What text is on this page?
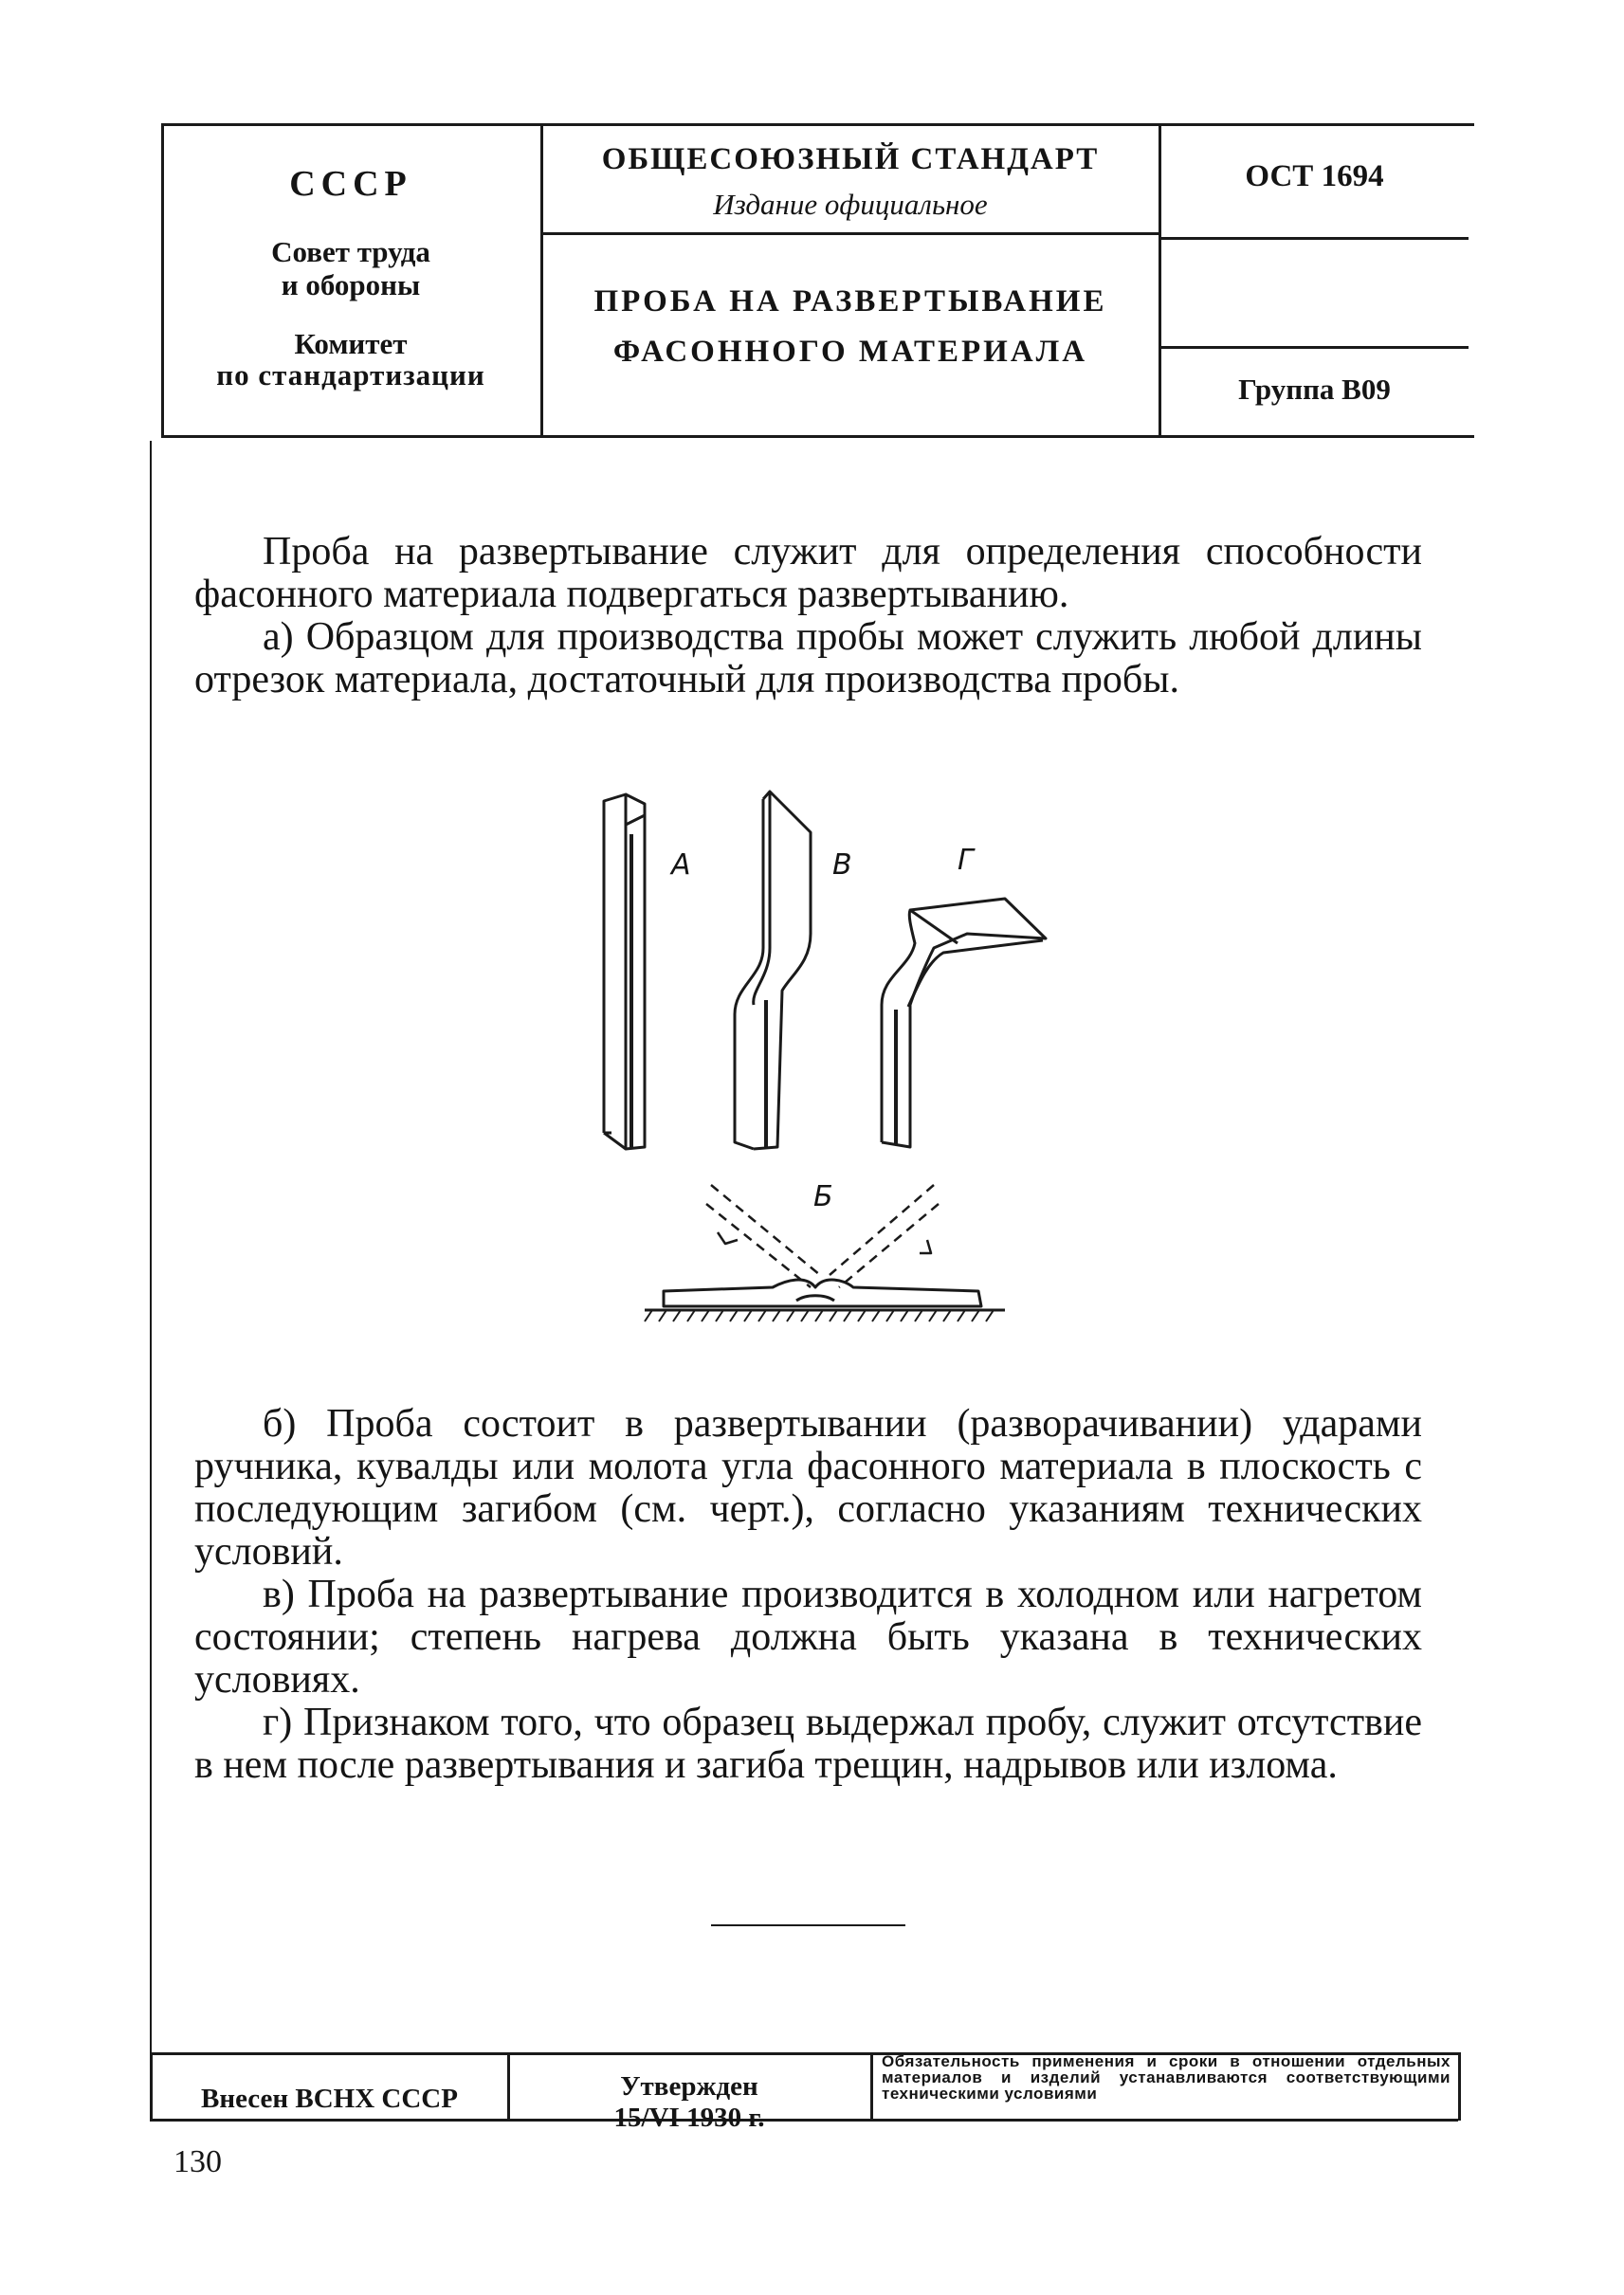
СССР
Совет труда
и обороны
Комитет
по стандартизации
ОБЩЕСОЮЗНЫЙ СТАНДАРТ
Издание официальное
ПРОБА НА РАЗВЕРТЫВАНИЕ
ФАСОННОГО МАТЕРИАЛА
ОСТ 1694
Группа В09

Проба на развертывание служит для определения способности фасонного материала подвергаться развертыванию.

а) Образцом для производства пробы может служить любой длины отрезок материала, достаточный для производства пробы.

А	В	Г
Б

б) Проба состоит в развертывании (разворачивании) ударами ручника, кувалды или молота угла фасонного материала в плоскость с последующим загибом (см. черт.), согласно указаниям технических условий.

в) Проба на развертывание производится в холодном или нагретом состоянии; степень нагрева должна быть указана в технических условиях.

г) Признаком того, что образец выдержал пробу, служит отсутствие в нем после развертывания и загиба трещин, надрывов или излома.

Внесен ВСНХ СССР	Утвержден
15/VI 1930 г.
Обязательность применения и сроки в отношении отдельных материалов и изделий устанавливаются соответствующими техническими условиями
130
